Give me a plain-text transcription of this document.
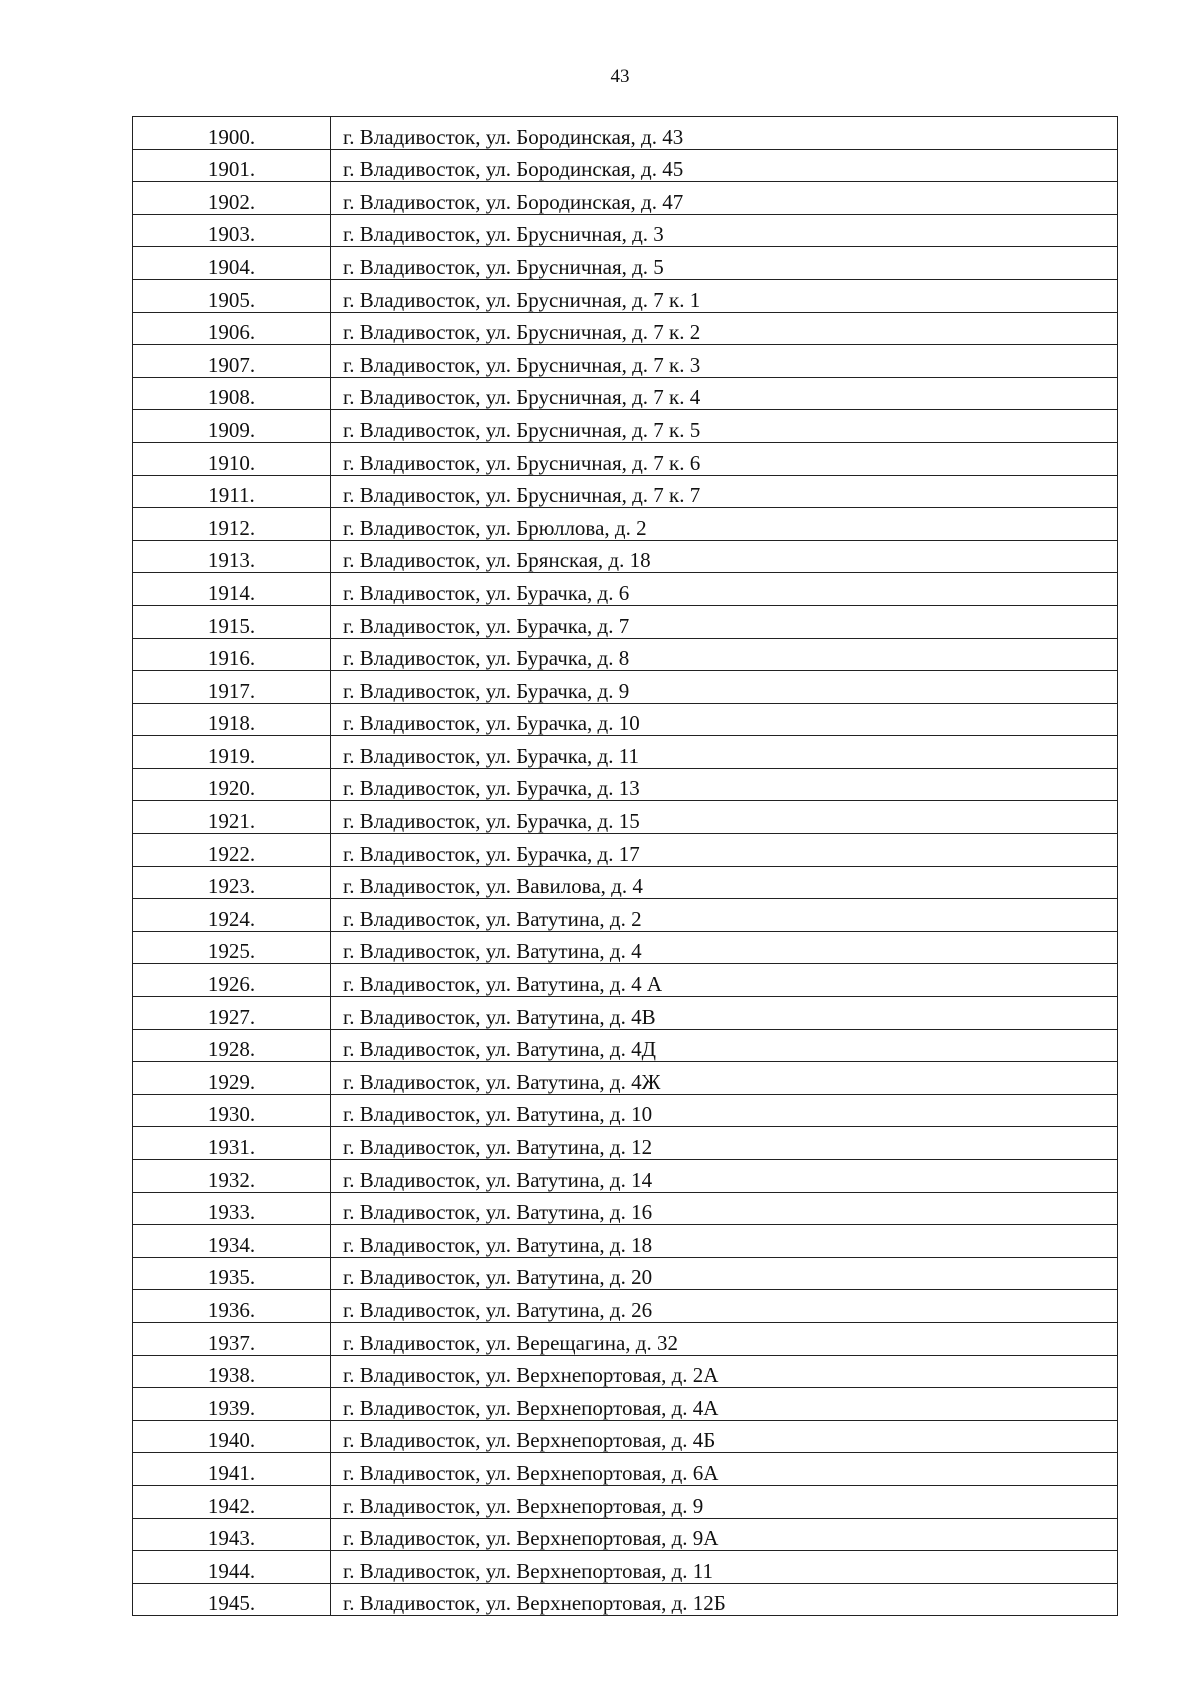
43
1900.	г. Владивосток, ул. Бородинская, д. 43
1901.	г. Владивосток, ул. Бородинская, д. 45
1902.	г. Владивосток, ул. Бородинская, д. 47
1903.	г. Владивосток, ул. Брусничная, д. 3
1904.	г. Владивосток, ул. Брусничная, д. 5
1905.	г. Владивосток, ул. Брусничная, д. 7 к. 1
1906.	г. Владивосток, ул. Брусничная, д. 7 к. 2
1907.	г. Владивосток, ул. Брусничная, д. 7 к. 3
1908.	г. Владивосток, ул. Брусничная, д. 7 к. 4
1909.	г. Владивосток, ул. Брусничная, д. 7 к. 5
1910.	г. Владивосток, ул. Брусничная, д. 7 к. 6
1911.	г. Владивосток, ул. Брусничная, д. 7 к. 7
1912.	г. Владивосток, ул. Брюллова, д. 2
1913.	г. Владивосток, ул. Брянская, д. 18
1914.	г. Владивосток, ул. Бурачка, д. 6
1915.	г. Владивосток, ул. Бурачка, д. 7
1916.	г. Владивосток, ул. Бурачка, д. 8
1917.	г. Владивосток, ул. Бурачка, д. 9
1918.	г. Владивосток, ул. Бурачка, д. 10
1919.	г. Владивосток, ул. Бурачка, д. 11
1920.	г. Владивосток, ул. Бурачка, д. 13
1921.	г. Владивосток, ул. Бурачка, д. 15
1922.	г. Владивосток, ул. Бурачка, д. 17
1923.	г. Владивосток, ул. Вавилова, д. 4
1924.	г. Владивосток, ул. Ватутина, д. 2
1925.	г. Владивосток, ул. Ватутина, д. 4
1926.	г. Владивосток, ул. Ватутина, д. 4 А
1927.	г. Владивосток, ул. Ватутина, д. 4В
1928.	г. Владивосток, ул. Ватутина, д. 4Д
1929.	г. Владивосток, ул. Ватутина, д. 4Ж
1930.	г. Владивосток, ул. Ватутина, д. 10
1931.	г. Владивосток, ул. Ватутина, д. 12
1932.	г. Владивосток, ул. Ватутина, д. 14
1933.	г. Владивосток, ул. Ватутина, д. 16
1934.	г. Владивосток, ул. Ватутина, д. 18
1935.	г. Владивосток, ул. Ватутина, д. 20
1936.	г. Владивосток, ул. Ватутина, д. 26
1937.	г. Владивосток, ул. Верещагина, д. 32
1938.	г. Владивосток, ул. Верхнепортовая, д. 2А
1939.	г. Владивосток, ул. Верхнепортовая, д. 4А
1940.	г. Владивосток, ул. Верхнепортовая, д. 4Б
1941.	г. Владивосток, ул. Верхнепортовая, д. 6А
1942.	г. Владивосток, ул. Верхнепортовая, д. 9
1943.	г. Владивосток, ул. Верхнепортовая, д. 9А
1944.	г. Владивосток, ул. Верхнепортовая, д. 11
1945.	г. Владивосток, ул. Верхнепортовая, д. 12Б
